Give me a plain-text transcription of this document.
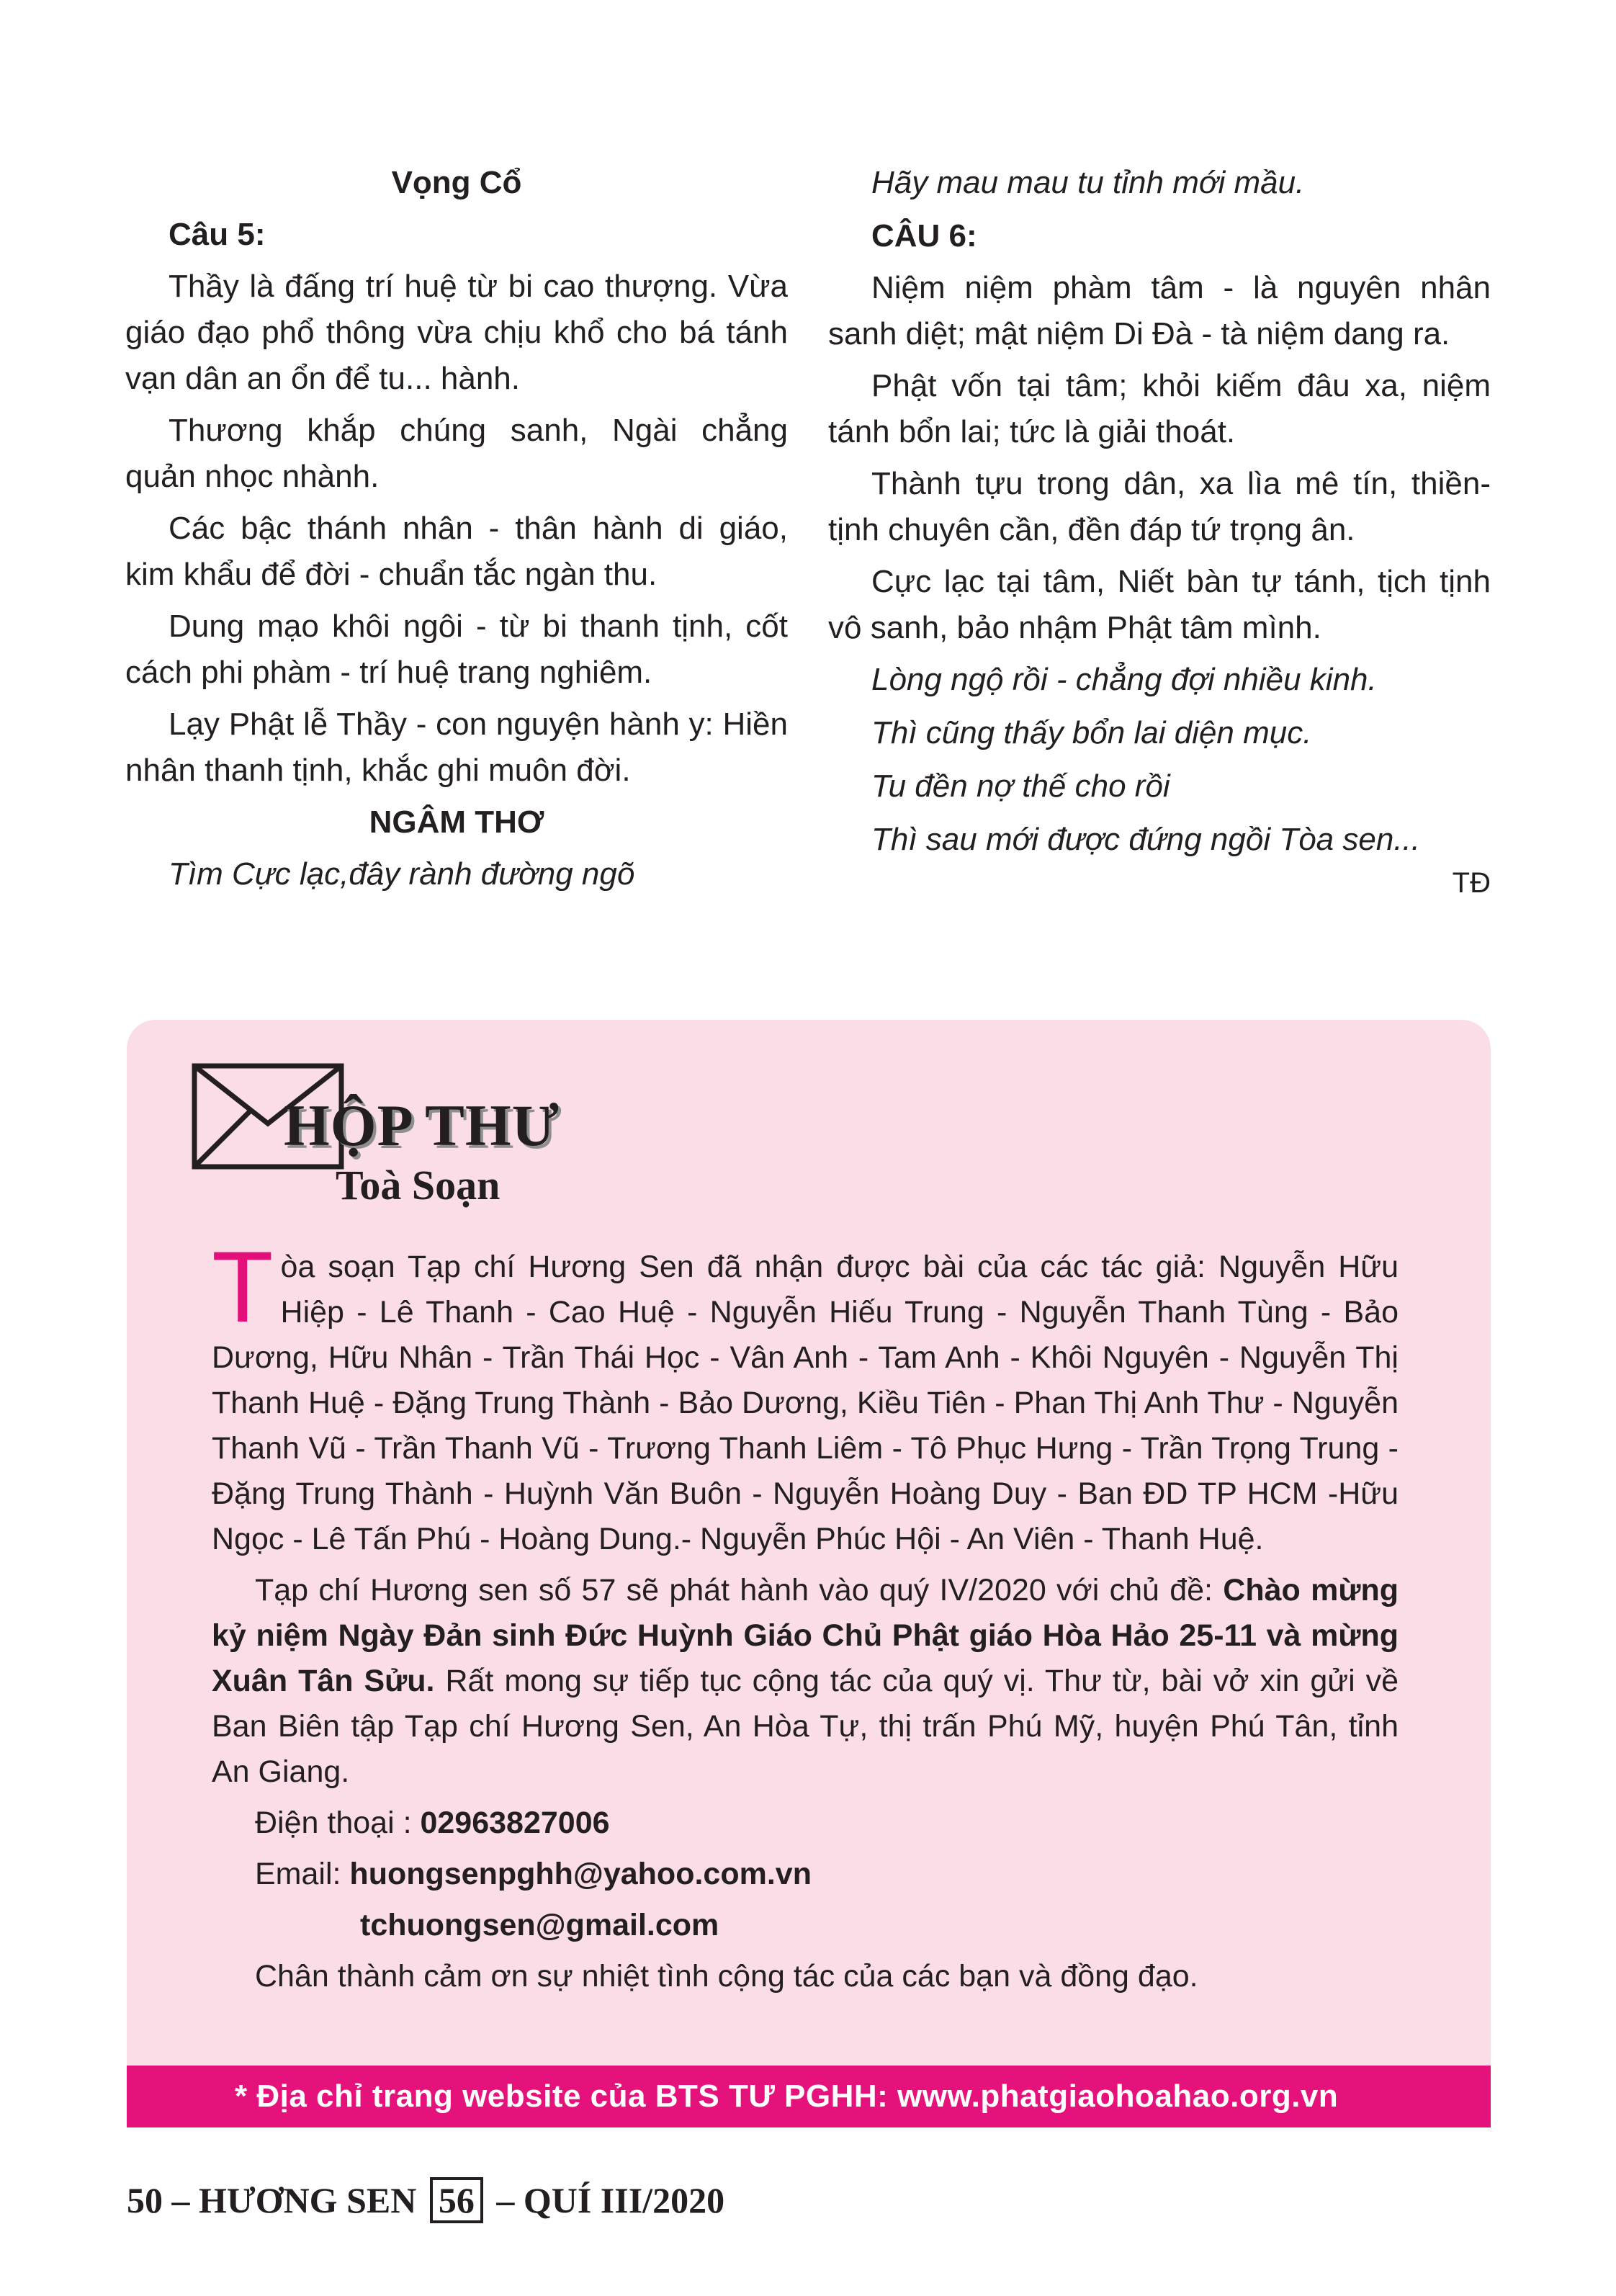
Vọng Cổ

Câu 5:

Thầy là đấng trí huệ từ bi cao thượng. Vừa giáo đạo phổ thông vừa chịu khổ cho bá tánh vạn dân an ổn để tu... hành.

Thương khắp chúng sanh, Ngài chẳng quản nhọc nhành.

Các bậc thánh nhân - thân hành di giáo, kim khẩu để đời - chuẩn tắc ngàn thu.

Dung mạo khôi ngôi - từ bi thanh tịnh, cốt cách phi phàm - trí huệ trang nghiêm.

Lạy Phật lễ Thầy - con nguyện hành y: Hiền nhân thanh tịnh, khắc ghi muôn đời.

NGÂM THƠ

Tìm Cực lạc,đây rành đường ngõ

Hãy mau mau tu tỉnh mới mầu.

CÂU 6:

Niệm niệm phàm tâm - là nguyên nhân sanh diệt; mật niệm Di Đà - tà niệm dang ra.

Phật vốn tại tâm; khỏi kiếm đâu xa, niệm tánh bổn lai; tức là giải thoát.

Thành tựu trong dân, xa lìa mê tín, thiền-tịnh chuyên cần, đền đáp tứ trọng ân.

Cực lạc tại tâm, Niết bàn tự tánh, tịch tịnh vô sanh, bảo nhậm Phật tâm mình.

Lòng ngộ rồi - chẳng đợi nhiều kinh.

Thì cũng thấy bổn lai diện mục.

Tu đền nợ thế cho rồi

Thì sau mới được đứng ngồi Tòa sen...

TĐ

HỘP THƯ
Toà Soạn

Tòa soạn Tạp chí Hương Sen đã nhận được bài của các tác giả: Nguyễn Hữu Hiệp - Lê Thanh - Cao Huệ - Nguyễn Hiếu Trung - Nguyễn Thanh Tùng - Bảo Dương, Hữu Nhân - Trần Thái Học - Vân Anh - Tam Anh - Khôi Nguyên - Nguyễn Thị Thanh Huệ - Đặng Trung Thành - Bảo Dương, Kiều Tiên - Phan Thị Anh Thư - Nguyễn Thanh Vũ - Trần Thanh Vũ - Trương Thanh Liêm - Tô Phục Hưng - Trần Trọng Trung - Đặng Trung Thành - Huỳnh Văn Buôn - Nguyễn Hoàng Duy - Ban ĐD TP HCM -Hữu Ngọc - Lê Tấn Phú - Hoàng Dung.- Nguyễn Phúc Hội - An Viên - Thanh Huệ.

Tạp chí Hương sen số 57 sẽ phát hành vào quý IV/2020 với chủ đề: Chào mừng kỷ niệm Ngày Đản sinh Đức Huỳnh Giáo Chủ Phật giáo Hòa Hảo 25-11 và mừng Xuân Tân Sửu. Rất mong sự tiếp tục cộng tác của quý vị. Thư từ, bài vở xin gửi về Ban Biên tập Tạp chí Hương Sen, An Hòa Tự, thị trấn Phú Mỹ, huyện Phú Tân, tỉnh An Giang.

Điện thoại : 02963827006

Email: huongsenpghh@yahoo.com.vn

tchuongsen@gmail.com

Chân thành cảm ơn sự nhiệt tình cộng tác của các bạn và đồng đạo.

* Địa chỉ trang website của BTS TƯ PGHH: www.phatgiaohoahao.org.vn
50
– HƯƠNG SEN
56
– QUÍ III/2020
